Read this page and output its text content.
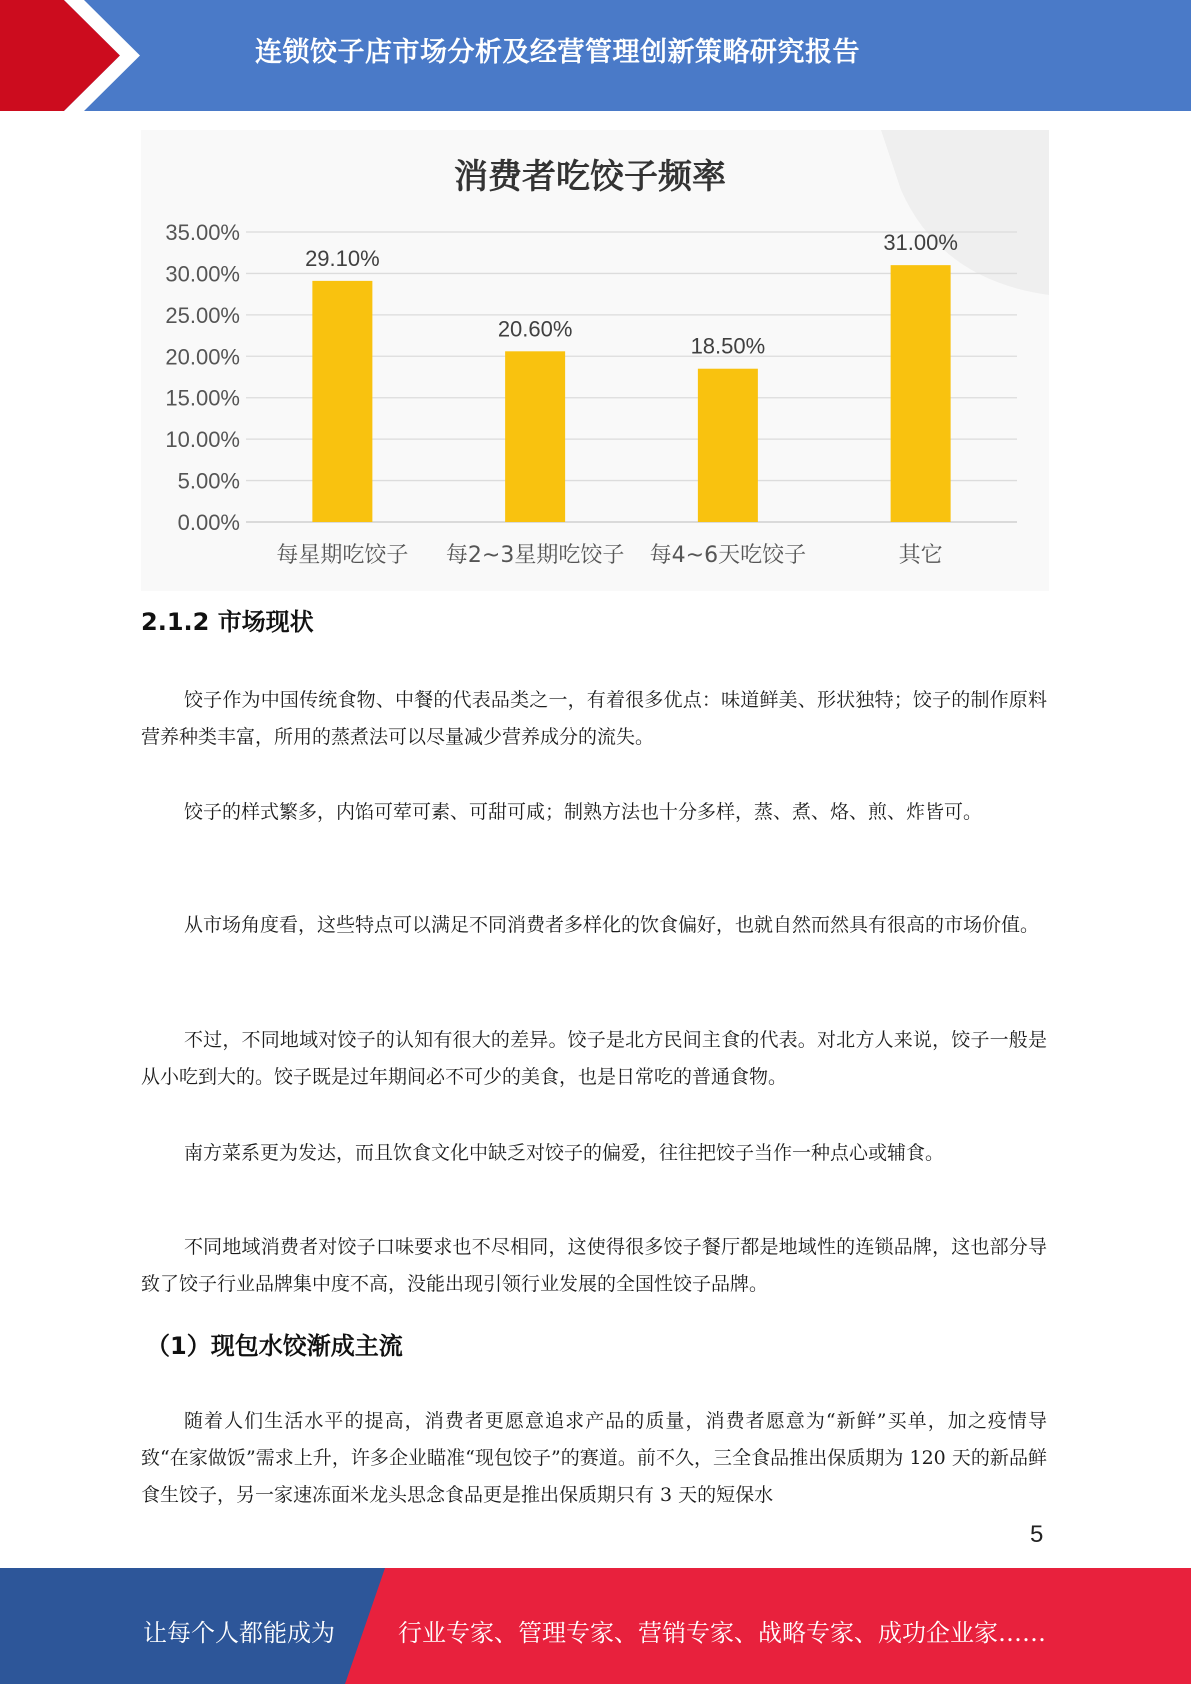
连锁饺子店市场分析及经营管理创新策略研究报告
消费者吃饺子频率
0.00%
5.00%
10.00%
15.00%
20.00%
25.00%
30.00%
35.00%
29.10%
20.60%
18.50%
31.00%
每星期吃饺子 每2~3星期吃饺子 每4~6天吃饺子	其它
2.1.2 市场现状

饺子作为中国传统食物、中餐的代表品类之一，有着很多优点：味道鲜美、形状独特；饺子的制作原料营养种类丰富，所用的蒸煮法可以尽量减少营养成分的流失。

饺子的样式繁多，内馅可荤可素、可甜可咸；制熟方法也十分多样，蒸、煮、烙、煎、炸皆可。

从市场角度看，这些特点可以满足不同消费者多样化的饮食偏好，也就自然而然具有很高的市场价值。

不过，不同地域对饺子的认知有很大的差异。饺子是北方民间主食的代表。对北方人来说，饺子一般是从小吃到大的。饺子既是过年期间必不可少的美食，也是日常吃的普通食物。

南方菜系更为发达，而且饮食文化中缺乏对饺子的偏爱，往往把饺子当作一种点心或辅食。

不同地域消费者对饺子口味要求也不尽相同，这使得很多饺子餐厅都是地域性的连锁品牌，这也部分导致了饺子行业品牌集中度不高，没能出现引领行业发展的全国性饺子品牌。

（1）现包水饺渐成主流

随着人们生活水平的提高，消费者更愿意追求产品的质量，消费者愿意为“新鲜”买单，加之疫情导致“在家做饭”需求上升，许多企业瞄准“现包饺子”的赛道。前不久，三全食品推出保质期为 120 天的新品鲜食生饺子，另一家速冻面米龙头思念食品更是推出保质期只有 3 天的短保水

5
让每个人都能成为	行业专家、管理专家、营销专家、战略专家、成功企业家……
